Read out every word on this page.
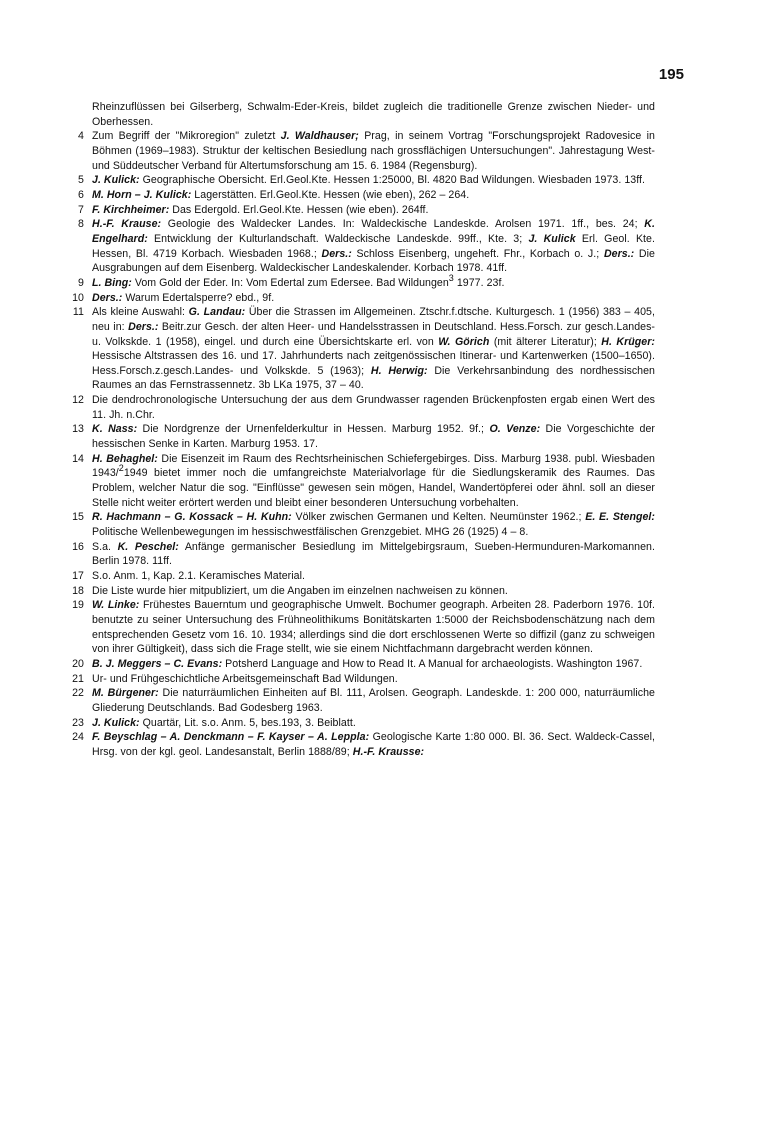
195
Rheinzuflüssen bei Gilserberg, Schwalm-Eder-Kreis, bildet zugleich die traditionelle Grenze zwischen Nieder- und Oberhessen.
4 Zum Begriff der "Mikroregion" zuletzt J. Waldhauser; Prag, in seinem Vortrag "Forschungsprojekt Radovesice in Böhmen (1969–1983). Struktur der keltischen Besiedlung nach grossflächigen Untersuchungen". Jahrestagung West- und Süddeutscher Verband für Altertumsforschung am 15. 6. 1984 (Regensburg).
5 J. Kulick: Geographische Obersicht. Erl.Geol.Kte. Hessen 1:25000, Bl. 4820 Bad Wildungen. Wiesbaden 1973. 13ff.
6 M. Horn – J. Kulick: Lagerstätten. Erl.Geol.Kte. Hessen (wie eben), 262 – 264.
7 F. Kirchheimer: Das Edergold. Erl.Geol.Kte. Hessen (wie eben). 264ff.
8 H.-F. Krause: Geologie des Waldecker Landes. In: Waldeckische Landeskde. Arolsen 1971. 1ff., bes. 24; K. Engelhard: Entwicklung der Kulturlandschaft. Waldeckische Landeskde. 99ff., Kte. 3; J. Kulick Erl. Geol. Kte. Hessen, Bl. 4719 Korbach. Wiesbaden 1968.; Ders.: Schloss Eisenberg, ungeheft. Fhr., Korbach o. J.; Ders.: Die Ausgrabungen auf dem Eisenberg. Waldeckischer Landeskalender. Korbach 1978. 41ff.
9 L. Bing: Vom Gold der Eder. In: Vom Edertal zum Edersee. Bad Wildungen$^3$ 1977. 23f.
10 Ders.: Warum Edertalsperre? ebd., 9f.
11 Als kleine Auswahl: G. Landau: Über die Strassen im Allgemeinen. Ztschr.f.dtsche. Kulturgesch. 1 (1956) 383 – 405, neu in: Ders.: Beitr.zur Gesch. der alten Heer- und Handelsstrassen in Deutschland. Hess.Forsch. zur gesch.Landes- u. Volkskde. 1 (1958), eingel. und durch eine Übersichtskarte erl. von W. Görich (mit älterer Literatur); H. Krüger: Hessische Altstrassen des 16. und 17. Jahrhunderts nach zeitgenössischen Itinerar- und Kartenwerken (1500–1650). Hess.Forsch.z.gesch.Landes- und Volkskde. 5 (1963); H. Herwig: Die Verkehrsanbindung des nordhessischen Raumes an das Fernstrassennetz. 3b LKa 1975, 37 – 40.
12 Die dendrochronologische Untersuchung der aus dem Grundwasser ragenden Brückenpfosten ergab einen Wert des 11. Jh. n.Chr.
13 K. Nass: Die Nordgrenze der Urnenfelderkultur in Hessen. Marburg 1952. 9f.; O. Venze: Die Vorgeschichte der hessischen Senke in Karten. Marburg 1953. 17.
14 H. Behaghel: Die Eisenzeit im Raum des Rechtsrheinischen Schiefergebirges. Diss. Marburg 1938. publ. Wiesbaden 1943/$^2$1949 bietet immer noch die umfangreichste Materialvorlage für die Siedlungskeramik des Raumes. Das Problem, welcher Natur die sog. "Einflüsse" gewesen sein mögen, Handel, Wandertöpferei oder ähnl. soll an dieser Stelle nicht weiter erörtert werden und bleibt einer besonderen Untersuchung vorbehalten.
15 R. Hachmann – G. Kossack – H. Kuhn: Völker zwischen Germanen und Kelten. Neumünster 1962.; E. E. Stengel: Politische Wellenbewegungen im hessischwestfälischen Grenzgebiet. MHG 26 (1925) 4 – 8.
16 S.a. K. Peschel: Anfänge germanischer Besiedlung im Mittelgebirgsraum, Sueben-Hermunduren-Markomannen. Berlin 1978. 11ff.
17 S.o. Anm. 1, Kap. 2.1. Keramisches Material.
18 Die Liste wurde hier mitpubliziert, um die Angaben im einzelnen nachweisen zu können.
19 W. Linke: Frühestes Bauerntum und geographische Umwelt. Bochumer geograph. Arbeiten 28. Paderborn 1976. 10f. benutzte zu seiner Untersuchung des Frühneolithikums Bonitätskarten 1:5000 der Reichsbodenschätzung nach dem entsprechenden Gesetz vom 16. 10. 1934; allerdings sind die dort erschlossenen Werte so diffizil (ganz zu schweigen von ihrer Gültigkeit), dass sich die Frage stellt, wie sie einem Nichtfachmann dargebracht werden können.
20 B. J. Meggers – C. Evans: Potsherd Language and How to Read It. A Manual for archaeologists. Washington 1967.
21 Ur- und Frühgeschichtliche Arbeitsgemeinschaft Bad Wildungen.
22 M. Bürgener: Die naturräumlichen Einheiten auf Bl. 111, Arolsen. Geograph. Landeskde. 1: 200 000, naturräumliche Gliederung Deutschlands. Bad Godesberg 1963.
23 J. Kulick: Quartär, Lit. s.o. Anm. 5, bes.193, 3. Beiblatt.
24 F. Beyschlag – A. Denckmann – F. Kayser – A. Leppla: Geologische Karte 1:80 000. Bl. 36. Sect. Waldeck-Cassel, Hrsg. von der kgl. geol. Landesanstalt, Berlin 1888/89; H.-F. Krausse:
